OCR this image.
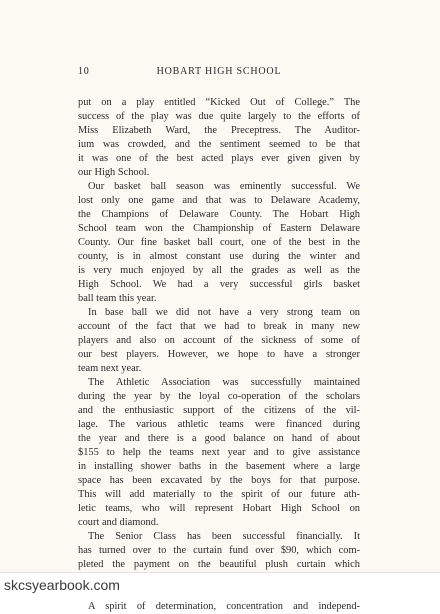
10	HOBART HIGH SCHOOL
put on a play entitled “Kicked Out of College.” The
success of the play was due quite largely to the efforts of
Miss Elizabeth Ward, the Preceptress. The Auditor-
ium was crowded, and the sentiment seemed to be that
it was one of the best acted plays ever given given by
our High School.
Our basket ball season was eminently successful. We
lost only one game and that was to Delaware Academy,
the Champions of Delaware County. The Hobart High
School team won the Championship of Eastern Delaware
County. Our fine basket ball court, one of the best in the
county, is in almost constant use during the winter and
is very much enjoyed by all the grades as well as the
High School. We had a very successful girls basket
ball team this year.
In base ball we did not have a very strong team on
account of the fact that we had to break in many new
players and also on account of the sickness of some of
our best players. However, we hope to have a stronger
team next year.
The Athletic Association was successfully maintained
during the year by the loyal co-operation of the scholars
and the enthusiastic support of the citizens of the vil-
lage. The various athletic teams were financed during
the year and there is a good balance on hand of about
$155 to help the teams next year and to give assistance
in installing shower baths in the basement where a large
space has been excavated by the boys for that purpose.
This will add materially to the spirit of our future ath-
letic teams, who will represent Hobart High School on
court and diamond.
The Senior Class has been successful financially. It
has turned over to the curtain fund over $90, which com-
pleted the payment on the beautiful plush curtain which
A spirit of determination, concentration and independ-
skcsyearbook.com
